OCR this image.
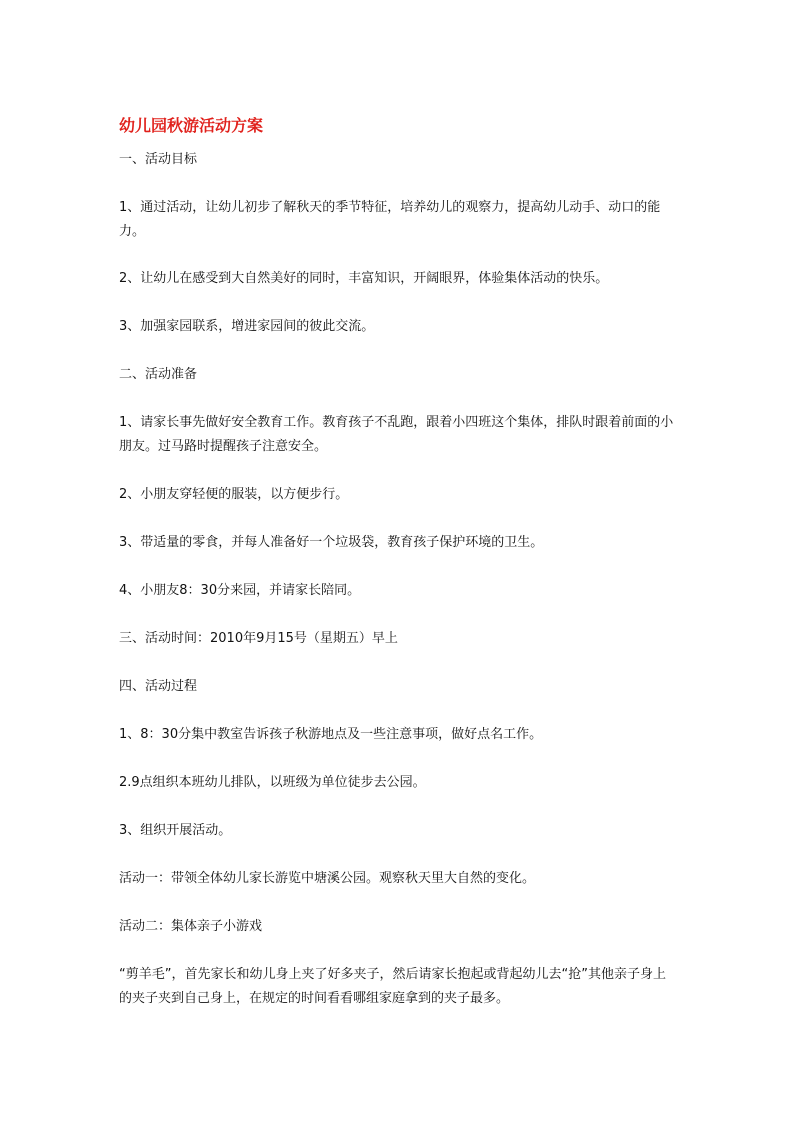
幼儿园秋游活动方案
一、活动目标
1、通过活动，让幼儿初步了解秋天的季节特征，培养幼儿的观察力，提高幼儿动手、动口的能力。
2、让幼儿在感受到大自然美好的同时，丰富知识，开阔眼界，体验集体活动的快乐。
3、加强家园联系，增进家园间的彼此交流。
二、活动准备
1、请家长事先做好安全教育工作。教育孩子不乱跑，跟着小四班这个集体，排队时跟着前面的小朋友。过马路时提醒孩子注意安全。
2、小朋友穿轻便的服装，以方便步行。
3、带适量的零食，并每人准备好一个垃圾袋，教育孩子保护环境的卫生。
4、小朋友8：30分来园，并请家长陪同。
三、活动时间：2010年9月15号（星期五）早上
四、活动过程
1、8：30分集中教室告诉孩子秋游地点及一些注意事项，做好点名工作。
2.9点组织本班幼儿排队，以班级为单位徒步去公园。
3、组织开展活动。
活动一：带领全体幼儿家长游览中塘溪公园。观察秋天里大自然的变化。
活动二：集体亲子小游戏
“剪羊毛”，首先家长和幼儿身上夹了好多夹子，然后请家长抱起或背起幼儿去“抢”其他亲子身上的夹子夹到自己身上，在规定的时间看看哪组家庭拿到的夹子最多。
